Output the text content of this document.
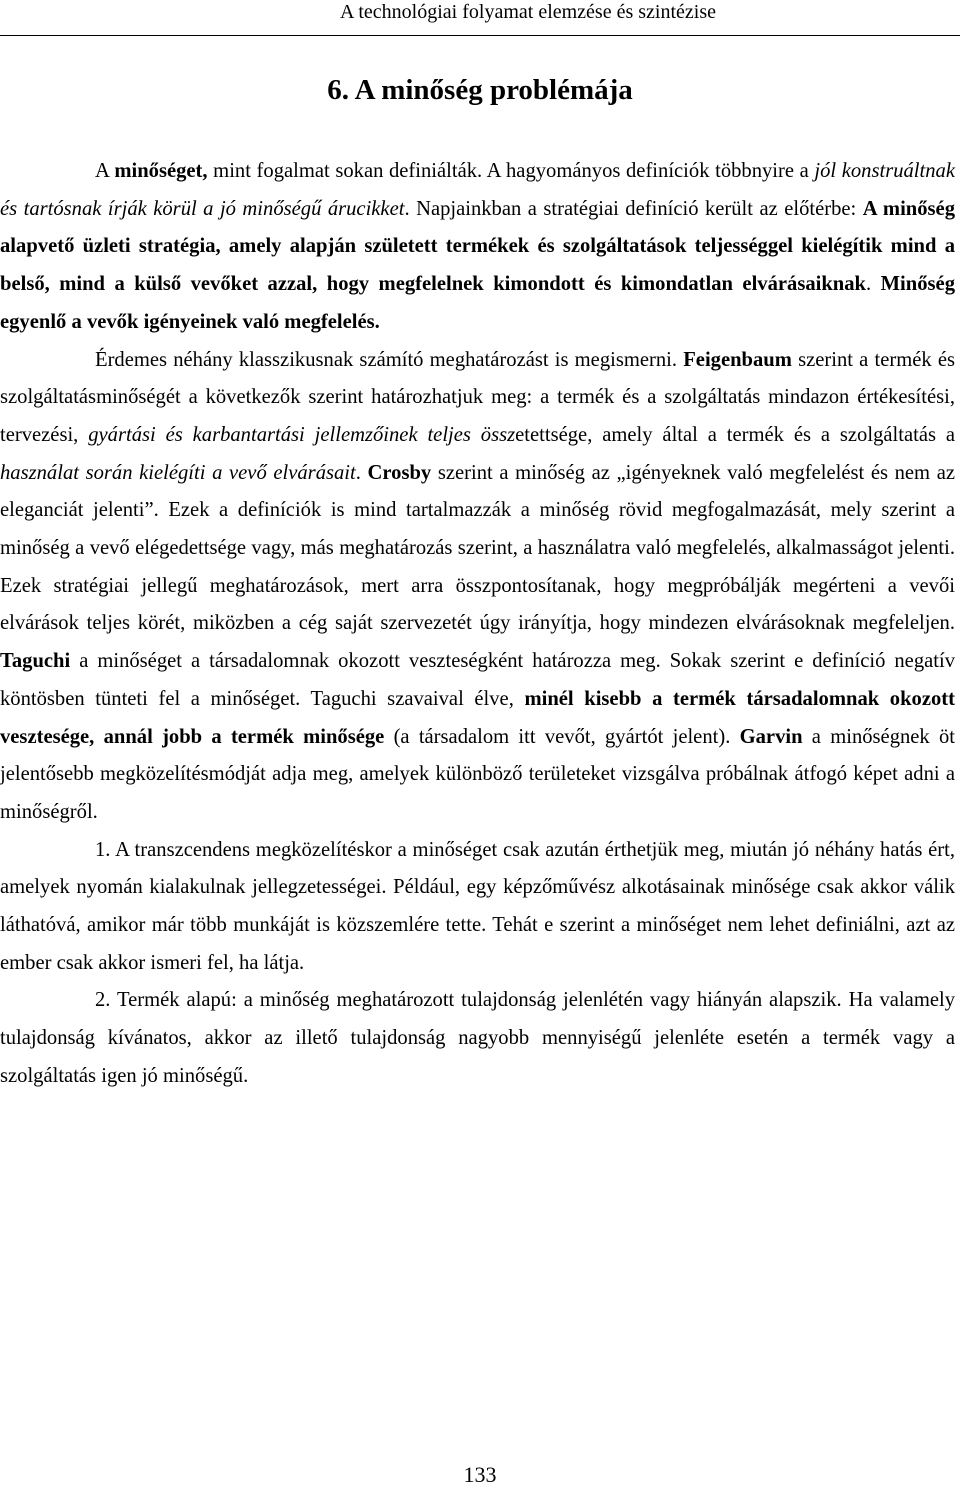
A technológiai folyamat elemzése és szintézise
6. A minőség problémája

A minőséget, mint fogalmat sokan definiálták. A hagyományos definíciók többnyire a jól konstruáltnak és tartósnak írják körül a jó minőségű árucikket. Napjainkban a stratégiai definíció került az előtérbe: A minőség alapvető üzleti stratégia, amely alapján született termékek és szolgáltatások teljességgel kielégítik mind a belső, mind a külső vevőket azzal, hogy megfelelnek kimondott és kimondatlan elvárásaiknak. Minőség egyenlő a vevők igényeinek való megfelelés.

Érdemes néhány klasszikusnak számító meghatározást is megismerni. Feigenbaum szerint a termék és szolgáltatásminőségét a következők szerint határozhatjuk meg: a termék és a szolgáltatás mindazon értékesítési, tervezési, gyártási és karbantartási jellemzőinek teljes összetettsége, amely által a termék és a szolgáltatás a használat során kielégíti a vevő elvárásait. Crosby szerint a minőség az „igényeknek való megfelelést és nem az eleganciát jelenti”. Ezek a definíciók is mind tartalmazzák a minőség rövid megfogalmazását, mely szerint a minőség a vevő elégedettsége vagy, más meghatározás szerint, a használatra való megfelelés, alkalmasságot jelenti. Ezek stratégiai jellegű meghatározások, mert arra összpontosítanak, hogy megpróbálják megérteni a vevői elvárások teljes körét, miközben a cég saját szervezetét úgy irányítja, hogy mindezen elvárásoknak megfeleljen. Taguchi a minőséget a társadalomnak okozott veszteségként határozza meg. Sokak szerint e definíció negatív köntösben tünteti fel a minőséget. Taguchi szavaival élve, minél kisebb a termék társadalomnak okozott vesztesége, annál jobb a termék minősége (a társadalom itt vevőt, gyártót jelent). Garvin a minőségnek öt jelentősebb megközelítésmódját adja meg, amelyek különböző területeket vizsgálva próbálnak átfogó képet adni a minőségről.

1. A transzcendens megközelítéskor a minőséget csak azután érthetjük meg, miután jó néhány hatás ért, amelyek nyomán kialakulnak jellegzetességei. Például, egy képzőművész alkotásainak minősége csak akkor válik láthatóvá, amikor már több munkáját is közszemlére tette. Tehát e szerint a minőséget nem lehet definiálni, azt az ember csak akkor ismeri fel, ha látja.

2. Termék alapú: a minőség meghatározott tulajdonság jelenlétén vagy hiányán alapszik. Ha valamely tulajdonság kívánatos, akkor az illető tulajdonság nagyobb mennyiségű jelenléte esetén a termék vagy a szolgáltatás igen jó minőségű.

133
